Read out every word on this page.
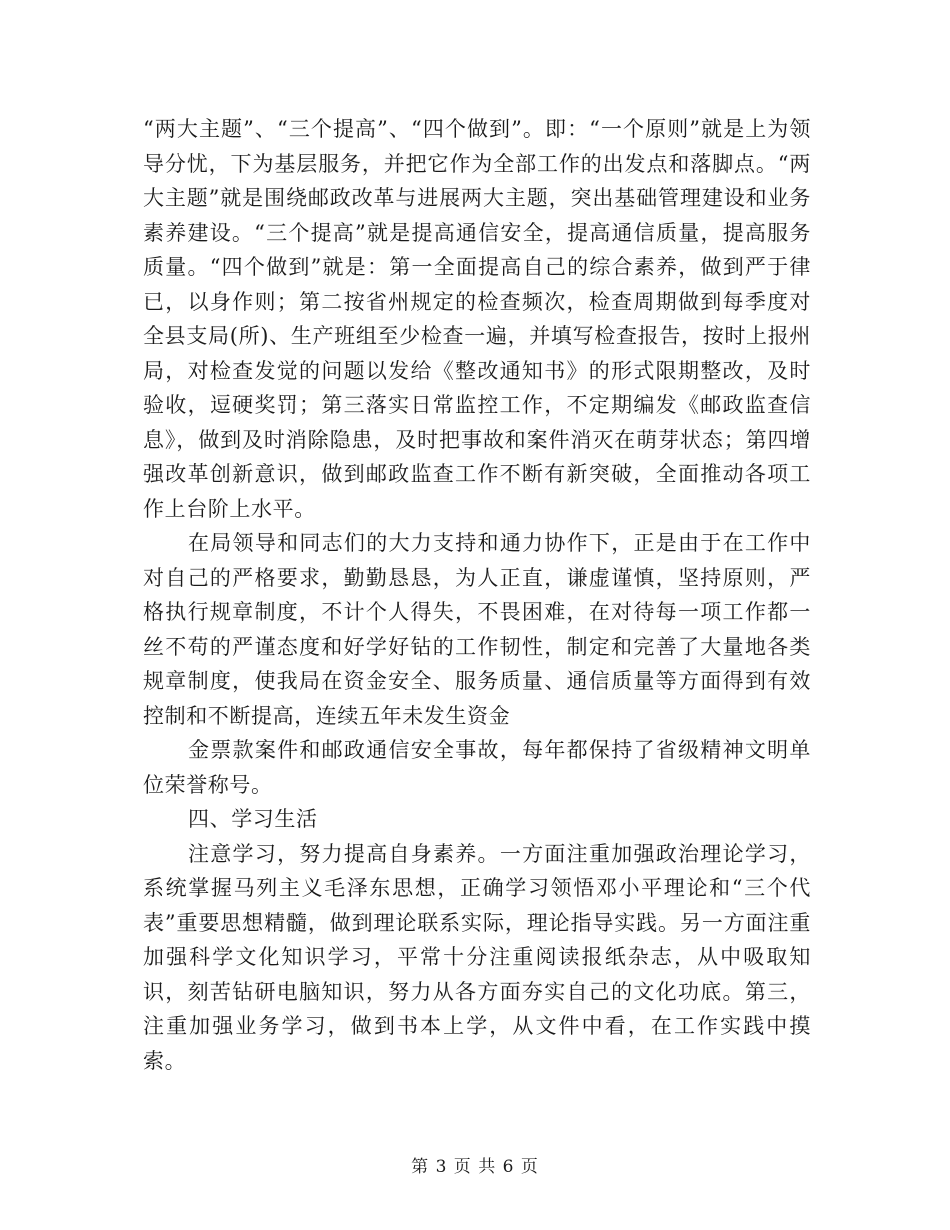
“两大主题”、“三个提高”、“四个做到”。即：“一个原则”就是上为领导分忧，下为基层服务，并把它作为全部工作的出发点和落脚点。“两大主题”就是围绕邮政改革与进展两大主题，突出基础管理建设和业务素养建设。“三个提高”就是提高通信安全，提高通信质量，提高服务质量。“四个做到”就是：第一全面提高自己的综合素养，做到严于律已，以身作则；第二按省州规定的检查频次，检查周期做到每季度对全县支局(所)、生产班组至少检查一遍，并填写检查报告，按时上报州局，对检查发觉的问题以发给《整改通知书》的形式限期整改，及时验收，逗硬奖罚；第三落实日常监控工作，不定期编发《邮政监查信息》，做到及时消除隐患，及时把事故和案件消灭在萌芽状态；第四增强改革创新意识，做到邮政监查工作不断有新突破，全面推动各项工作上台阶上水平。

在局领导和同志们的大力支持和通力协作下，正是由于在工作中对自己的严格要求，勤勤恳恳，为人正直，谦虚谨慎，坚持原则，严格执行规章制度，不计个人得失，不畏困难，在对待每一项工作都一丝不苟的严谨态度和好学好钻的工作韧性，制定和完善了大量地各类规章制度，使我局在资金安全、服务质量、通信质量等方面得到有效控制和不断提高，连续五年未发生资金

金票款案件和邮政通信安全事故，每年都保持了省级精神文明单位荣誉称号。

四、学习生活

注意学习，努力提高自身素养。一方面注重加强政治理论学习，系统掌握马列主义毛泽东思想，正确学习领悟邓小平理论和“三个代表”重要思想精髓，做到理论联系实际，理论指导实践。另一方面注重加强科学文化知识学习，平常十分注重阅读报纸杂志，从中吸取知识，刻苦钻研电脑知识，努力从各方面夯实自己的文化功底。第三，注重加强业务学习，做到书本上学，从文件中看，在工作实践中摸索。

第 3 页 共 6 页
